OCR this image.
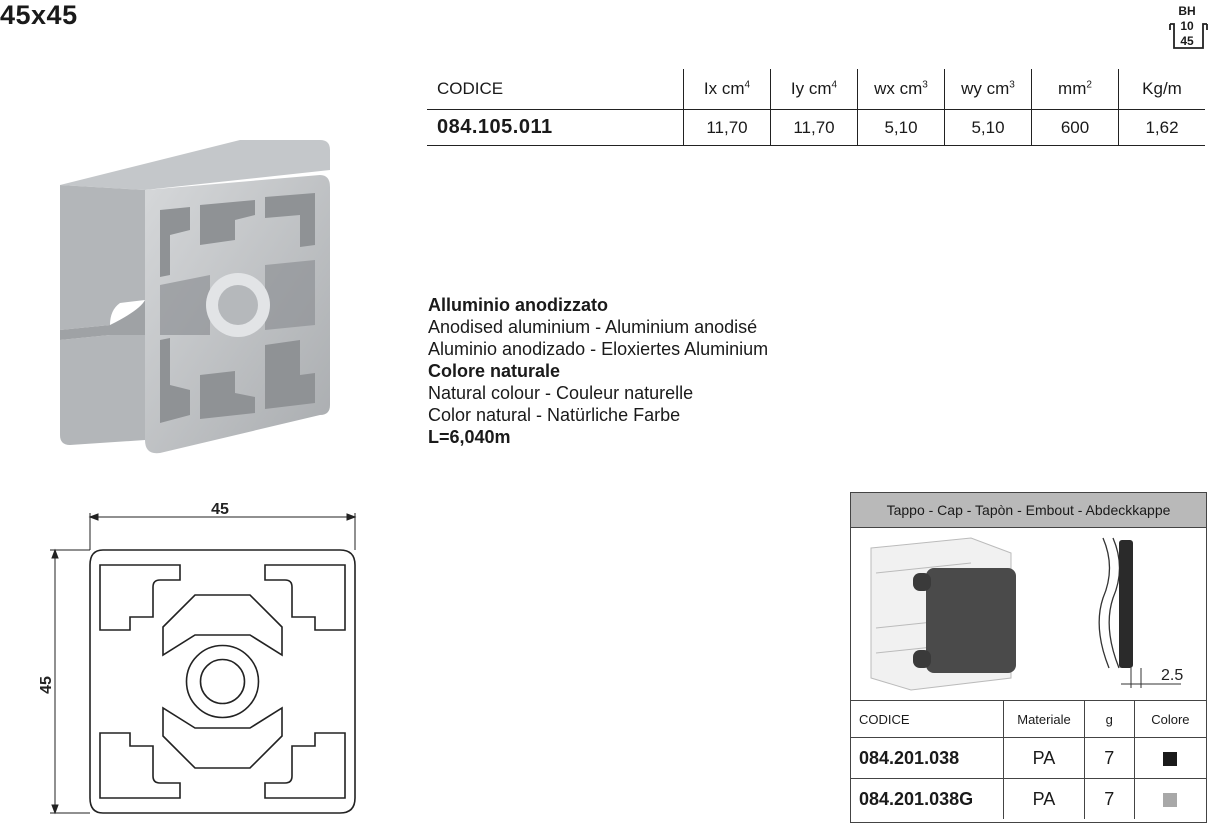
45x45	BH
10
45
45
45
CODICE	Ix $cm^4$	Iy $cm^4$	wx $cm^3$	wy $cm^3$	$mm^2$	Kg/m
084.105.011	11,70	11,70	5,10	5,10	600	1,62
Alluminio anodizzato
Anodised aluminium - Aluminium anodisé
Aluminio anodizado - Eloxiertes Aluminium
Colore naturale
Natural colour - Couleur naturelle
Color natural - Natürliche Farbe
L=6,040m
Tappo - Cap - Tapòn - Embout - Abdeckkappe
2.5
CODICE	Materiale	g	Colore
084.201.038	PA	7	
084.201.038G	PA	7	
